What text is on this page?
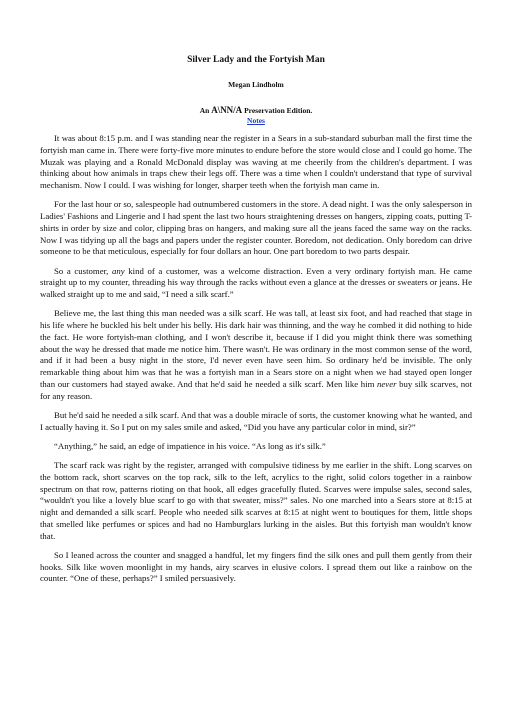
Silver Lady and the Fortyish Man
Megan Lindholm
An A\NN/A Preservation Edition.
Notes

It was about 8:15 p.m. and I was standing near the register in a Sears in a sub-standard suburban mall the first time the fortyish man came in. There were forty-five more minutes to endure before the store would close and I could go home. The Muzak was playing and a Ronald McDonald display was waving at me cheerily from the children's department. I was thinking about how animals in traps chew their legs off. There was a time when I couldn't understand that type of survival mechanism. Now I could. I was wishing for longer, sharper teeth when the fortyish man came in.

For the last hour or so, salespeople had outnumbered customers in the store. A dead night. I was the only salesperson in Ladies' Fashions and Lingerie and I had spent the last two hours straightening dresses on hangers, zipping coats, putting T-shirts in order by size and color, clipping bras on hangers, and making sure all the jeans faced the same way on the racks. Now I was tidying up all the bags and papers under the register counter. Boredom, not dedication. Only boredom can drive someone to be that meticulous, especially for four dollars an hour. One part boredom to two parts despair.

So a customer, any kind of a customer, was a welcome distraction. Even a very ordinary fortyish man. He came straight up to my counter, threading his way through the racks without even a glance at the dresses or sweaters or jeans. He walked straight up to me and said, “I need a silk scarf.”

Believe me, the last thing this man needed was a silk scarf. He was tall, at least six foot, and had reached that stage in his life where he buckled his belt under his belly. His dark hair was thinning, and the way he combed it did nothing to hide the fact. He wore fortyish-man clothing, and I won't describe it, because if I did you might think there was something about the way he dressed that made me notice him. There wasn't. He was ordinary in the most common sense of the word, and if it had been a busy night in the store, I'd never even have seen him. So ordinary he'd be invisible. The only remarkable thing about him was that he was a fortyish man in a Sears store on a night when we had stayed open longer than our customers had stayed awake. And that he'd said he needed a silk scarf. Men like him never buy silk scarves, not for any reason.

But he'd said he needed a silk scarf. And that was a double miracle of sorts, the customer knowing what he wanted, and I actually having it. So I put on my sales smile and asked, “Did you have any particular color in mind, sir?”

“Anything,” he said, an edge of impatience in his voice. “As long as it's silk.”

The scarf rack was right by the register, arranged with compulsive tidiness by me earlier in the shift. Long scarves on the bottom rack, short scarves on the top rack, silk to the left, acrylics to the right, solid colors together in a rainbow spectrum on that row, patterns rioting on that hook, all edges gracefully fluted. Scarves were impulse sales, second sales, “wouldn't you like a lovely blue scarf to go with that sweater, miss?” sales. No one marched into a Sears store at 8:15 at night and demanded a silk scarf. People who needed silk scarves at 8:15 at night went to boutiques for them, little shops that smelled like perfumes or spices and had no Hamburglars lurking in the aisles. But this fortyish man wouldn't know that.

So I leaned across the counter and snagged a handful, let my fingers find the silk ones and pull them gently from their hooks. Silk like woven moonlight in my hands, airy scarves in elusive colors. I spread them out like a rainbow on the counter. “One of these, perhaps?” I smiled persuasively.
